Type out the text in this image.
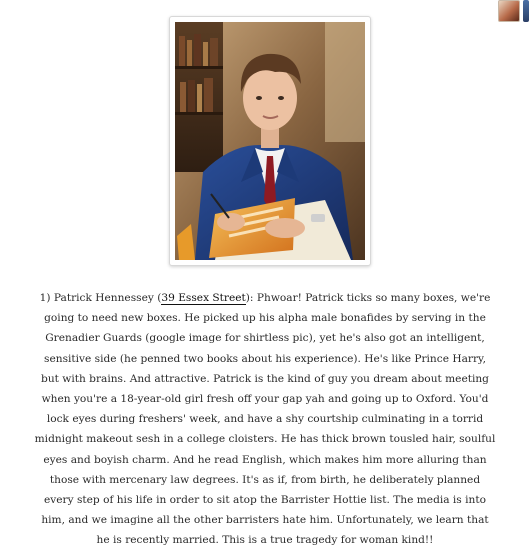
1) Patrick Hennessey (39 Essex Street): Phwoar! Patrick ticks so many boxes, we're going to need new boxes. He picked up his alpha male bonafides by serving in the Grenadier Guards (google image for shirtless pic), yet he's also got an intelligent, sensitive side (he penned two books about his experience). He's like Prince Harry, but with brains. And attractive. Patrick is the kind of guy you dream about meeting when you're a 18-year-old girl fresh off your gap yah and going up to Oxford. You'd lock eyes during freshers' week, and have a shy courtship culminating in a torrid midnight makeout sesh in a college cloisters. He has thick brown tousled hair, soulful eyes and boyish charm. And he read English, which makes him more alluring than those with mercenary law degrees. It's as if, from birth, he deliberately planned every step of his life in order to sit atop the Barrister Hottie list. The media is into him, and we imagine all the other barristers hate him. Unfortunately, we learn that he is recently married. This is a true tragedy for woman kind!!
